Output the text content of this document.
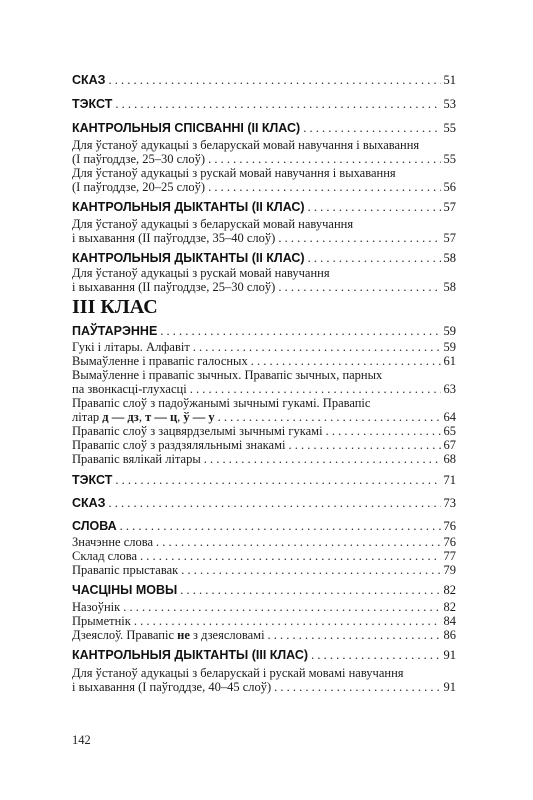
СКАЗ . . .	51
ТЭКСТ . . .	53
КАНТРОЛЬНЫЯ СПІСВАННІ (ІІ КЛАС) . . .	55
Для ўстаноў адукацыі з беларускай мовай навучання і выхавання
(І паўгоддзе, 25–30 слоў) . . .	55
Для ўстаноў адукацыі з рускай мовай навучання і выхавання
(І паўгоддзе, 20–25 слоў) . . .	56
КАНТРОЛЬНЫЯ ДЫКТАНТЫ (ІІ КЛАС) . . .	57
Для ўстаноў адукацыі з беларускай мовай навучання
і выхавання (ІІ паўгоддзе, 35–40 слоў) . . .	57
КАНТРОЛЬНЫЯ ДЫКТАНТЫ (ІІ КЛАС) . . .	58
Для ўстаноў адукацыі з рускай мовай навучання
і выхавання (ІІ паўгоддзе, 25–30 слоў) . . .	58
III КЛАС
ПАЎТАРЭННЕ . . .	59
Гукі і літары. Алфавіт . . .	59
Вымаўленне і правапіс галосных . . .	61
Вымаўленне і правапіс зычных. Правапіс зычных, парных
па звонкасці-глухасці . . .	63
Правапіс слоў з падоўжанымі зычнымі гукамі. Правапіс
літар д — дз, т — ц, ў — у . . .	64
Правапіс слоў з зацвярдзелымі зычнымі гукамі . . .	65
Правапіс слоў з раздзяляльнымі знакамі . . .	67
Правапіс вялікай літары . . .	68
ТЭКСТ . . .	71
СКАЗ . . .	73
СЛОВА . . .	76
Значэнне слова . . .	76
Склад слова . . .	77
Правапіс прыставак . . .	79
ЧАСЦІНЫ МОВЫ . . .	82
Назоўнік . . .	82
Прыметнік . . .	84
Дзеяслоў. Правапіс не з дзеясловамі . . .	86
КАНТРОЛЬНЫЯ ДЫКТАНТЫ (ІІІ КЛАС) . . .	91
Для ўстаноў адукацыі з беларускай і рускай мовамі навучання
і выхавання (І паўгоддзе, 40–45 слоў) . . .	91
142
